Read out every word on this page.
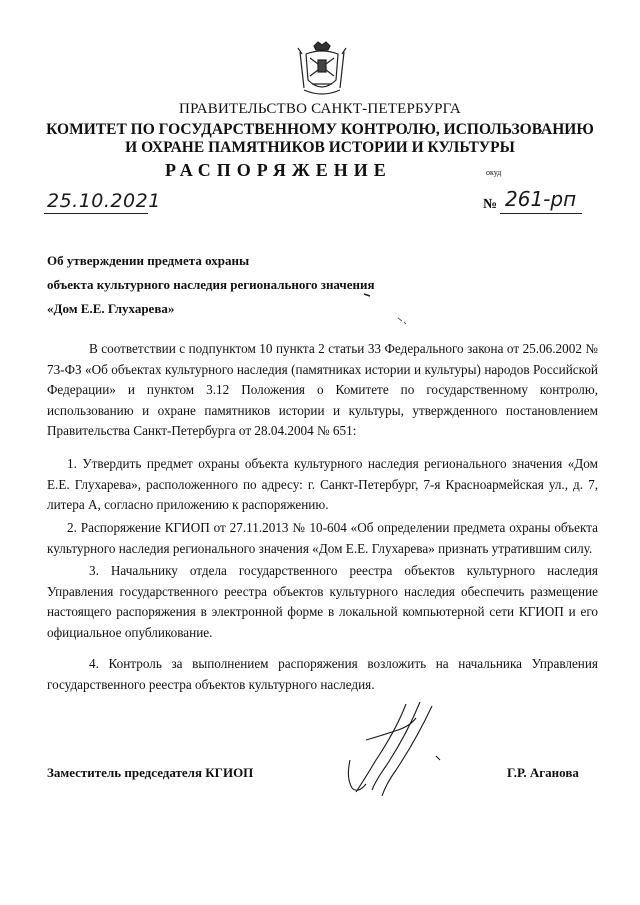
ПРАВИТЕЛЬСТВО САНКТ-ПЕТЕРБУРГА
КОМИТЕТ ПО ГОСУДАРСТВЕННОМУ КОНТРОЛЮ, ИСПОЛЬЗОВАНИЮ
И ОХРАНЕ ПАМЯТНИКОВ ИСТОРИИ И КУЛЬТУРЫ
РАСПОРЯЖЕНИЕ	окуд
25.10.2021	№ 261-рп
Об утверждении предмета охраны
объекта культурного наследия регионального значения
«Дом Е.Е. Глухарева»
В соответствии с подпунктом 10 пункта 2 статьи 33 Федерального закона от 25.06.2002 № 73-ФЗ «Об объектах культурного наследия (памятниках истории и культуры) народов Российской Федерации» и пунктом 3.12 Положения о Комитете по государственному контролю, использованию и охране памятников истории и культуры, утвержденного постановлением Правительства Санкт-Петербурга от 28.04.2004 № 651:
1. Утвердить предмет охраны объекта культурного наследия регионального значения «Дом Е.Е. Глухарева», расположенного по адресу: г. Санкт-Петербург, 7-я Красноармейская ул., д. 7, литера А, согласно приложению к распоряжению.
2. Распоряжение КГИОП от 27.11.2013 № 10-604 «Об определении предмета охраны объекта культурного наследия регионального значения «Дом Е.Е. Глухарева» признать утратившим силу.
3. Начальнику отдела государственного реестра объектов культурного наследия Управления государственного реестра объектов культурного наследия обеспечить размещение настоящего распоряжения в электронной форме в локальной компьютерной сети КГИОП и его официальное опубликование.
4. Контроль за выполнением распоряжения возложить на начальника Управления государственного реестра объектов культурного наследия.
Заместитель председателя КГИОП	Г.Р. Аганова
